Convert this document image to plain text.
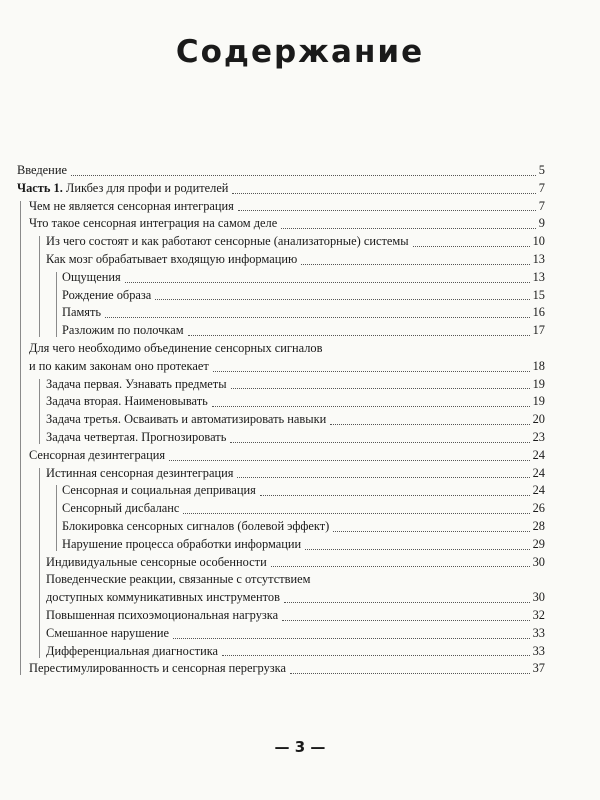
Содержание
Введение	5
Часть 1. Ликбез для профи и родителей	7
Чем не является сенсорная интеграция	7
Что такое сенсорная интеграция на самом деле	9
Из чего состоят и как работают сенсорные (анализаторные) системы	10
Как мозг обрабатывает входящую информацию	13
Ощущения	13
Рождение образа	15
Память	16
Разложим по полочкам	17
Для чего необходимо объединение сенсорных сигналов
и по каким законам оно протекает	18
Задача первая. Узнавать предметы	19
Задача вторая. Наименовывать	19
Задача третья. Осваивать и автоматизировать навыки	20
Задача четвертая. Прогнозировать	23
Сенсорная дезинтеграция	24
Истинная сенсорная дезинтеграция	24
Сенсорная и социальная депривация	24
Сенсорный дисбаланс	26
Блокировка сенсорных сигналов (болевой эффект)	28
Нарушение процесса обработки информации	29
Индивидуальные сенсорные особенности	30
Поведенческие реакции, связанные с отсутствием
доступных коммуникативных инструментов	30
Повышенная психоэмоциональная нагрузка	32
Смешанное нарушение	33
Дифференциальная диагностика	33
Перестимулированность и сенсорная перегрузка	37
— 3 —
